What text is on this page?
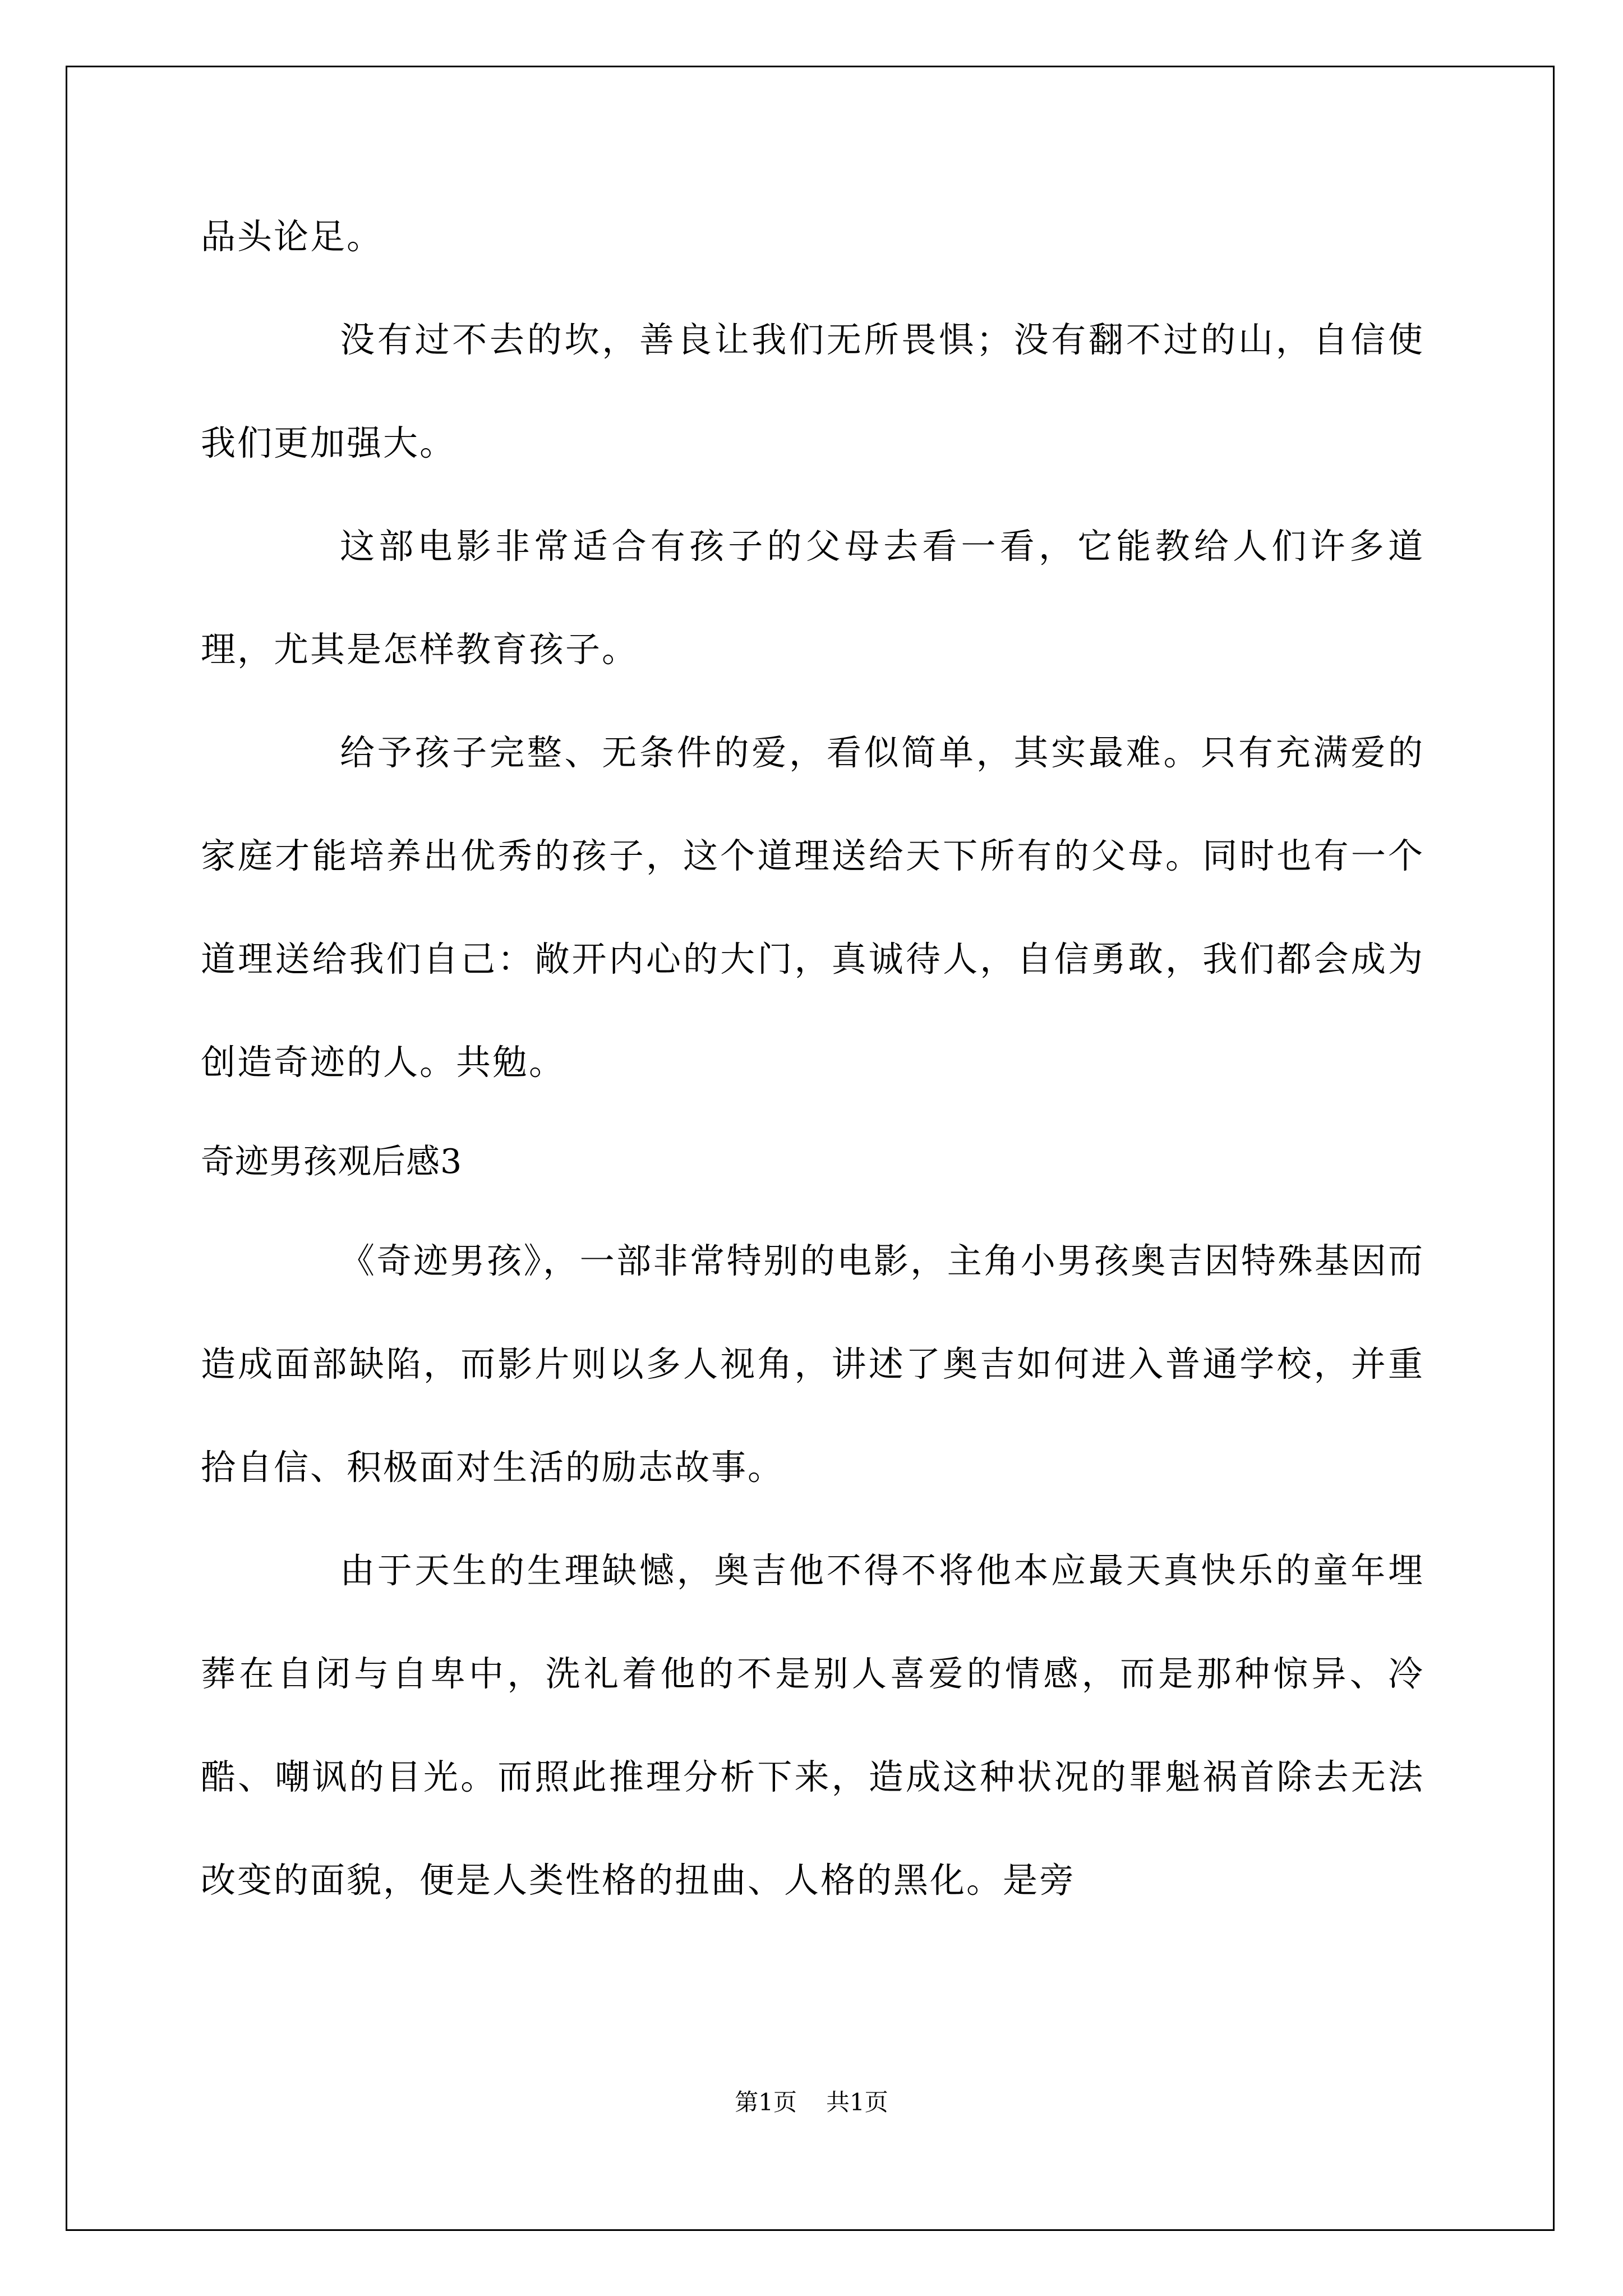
品头论足。

没有过不去的坎，善良让我们无所畏惧；没有翻不过的山，自信使我们更加强大。

这部电影非常适合有孩子的父母去看一看，它能教给人们许多道理，尤其是怎样教育孩子。

给予孩子完整、无条件的爱，看似简单，其实最难。只有充满爱的家庭才能培养出优秀的孩子，这个道理送给天下所有的父母。同时也有一个道理送给我们自己：敞开内心的大门，真诚待人，自信勇敢，我们都会成为创造奇迹的人。共勉。

奇迹男孩观后感3

《奇迹男孩》，一部非常特别的电影，主角小男孩奥吉因特殊基因而造成面部缺陷，而影片则以多人视角，讲述了奥吉如何进入普通学校，并重拾自信、积极面对生活的励志故事。

由于天生的生理缺憾，奥吉他不得不将他本应最天真快乐的童年埋葬在自闭与自卑中，洗礼着他的不是别人喜爱的情感，而是那种惊异、冷酷、嘲讽的目光。而照此推理分析下来，造成这种状况的罪魁祸首除去无法改变的面貌，便是人类性格的扭曲、人格的黑化。是旁

第1页 共1页
